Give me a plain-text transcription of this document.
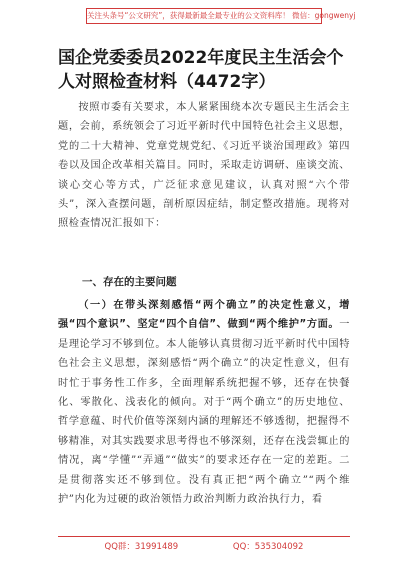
关注头条号“公文研究”，获得最新最全最专业的公文资料库！ 微信：gongwenyj
国企党委委员2022年度民主生活会个人对照检查材料（4472字）
按照市委有关要求，本人紧紧围绕本次专题民主生活会主题，会前，系统领会了习近平新时代中国特色社会主义思想，党的二十大精神、党章党规党纪、《习近平谈治国理政》第四卷以及国企改革相关篇目。同时，采取走访调研、座谈交流、谈心交心等方式，广泛征求意见建议，认真对照“六个带头”，深入查摆问题，剖析原因症结，制定整改措施。现将对照检查情况汇报如下：
一、存在的主要问题
（一）在带头深刻感悟“两个确立”的决定性意义，增强“四个意识”、坚定“四个自信”、做到“两个维护”方面。一是理论学习不够到位。本人能够认真贯彻习近平新时代中国特色社会主义思想，深刻感悟“两个确立”的决定性意义，但有时忙于事务性工作多，全面理解系统把握不够，还存在快餐化、零散化、浅表化的倾向。对于“两个确立”的历史地位、哲学意蕴、时代价值等深刻内涵的理解还不够透彻，把握得不够精准，对其实践要求思考得也不够深刻，还存在浅尝辄止的情况，离“学懂”“弄通”“做实”的要求还存在一定的差距。二是贯彻落实还不够到位。没有真正把“两个确立”“两个维护”内化为过硬的政治领悟力政治判断力政治执行力，看
QQ群：31991489	QQ：535304092
